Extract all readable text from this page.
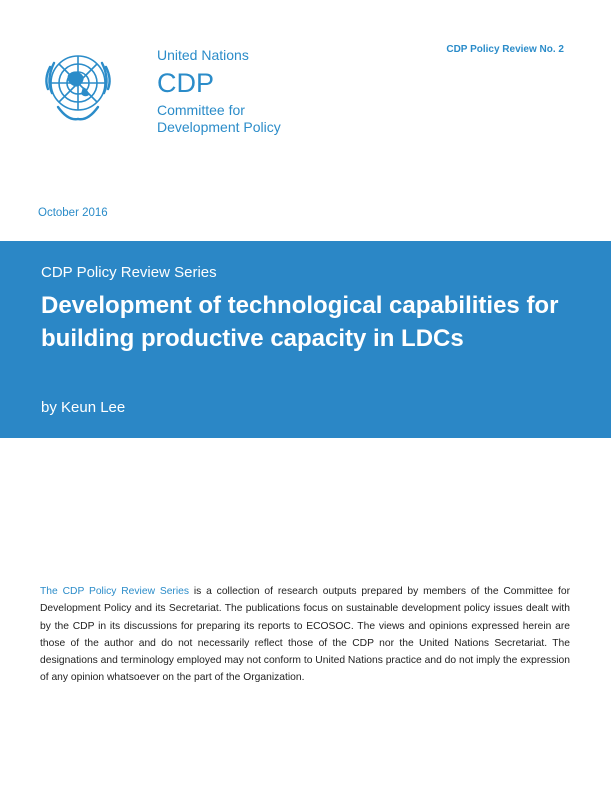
United Nations
CDP
Committee for
Development Policy
CDP Policy Review No. 2
October 2016
CDP Policy Review Series
Development of technological capabilities for building productive capacity in LDCs
by Keun Lee

The CDP Policy Review Series is a collection of research outputs prepared by members of the Committee for Development Policy and its Secretariat. The publications focus on sustainable development policy issues dealt with by the CDP in its discussions for preparing its reports to ECOSOC. The views and opinions expressed herein are those of the author and do not necessarily reflect those of the CDP nor the United Nations Secretariat. The designations and terminology employed may not conform to United Nations practice and do not imply the expression of any opinion whatsoever on the part of the Organization.
